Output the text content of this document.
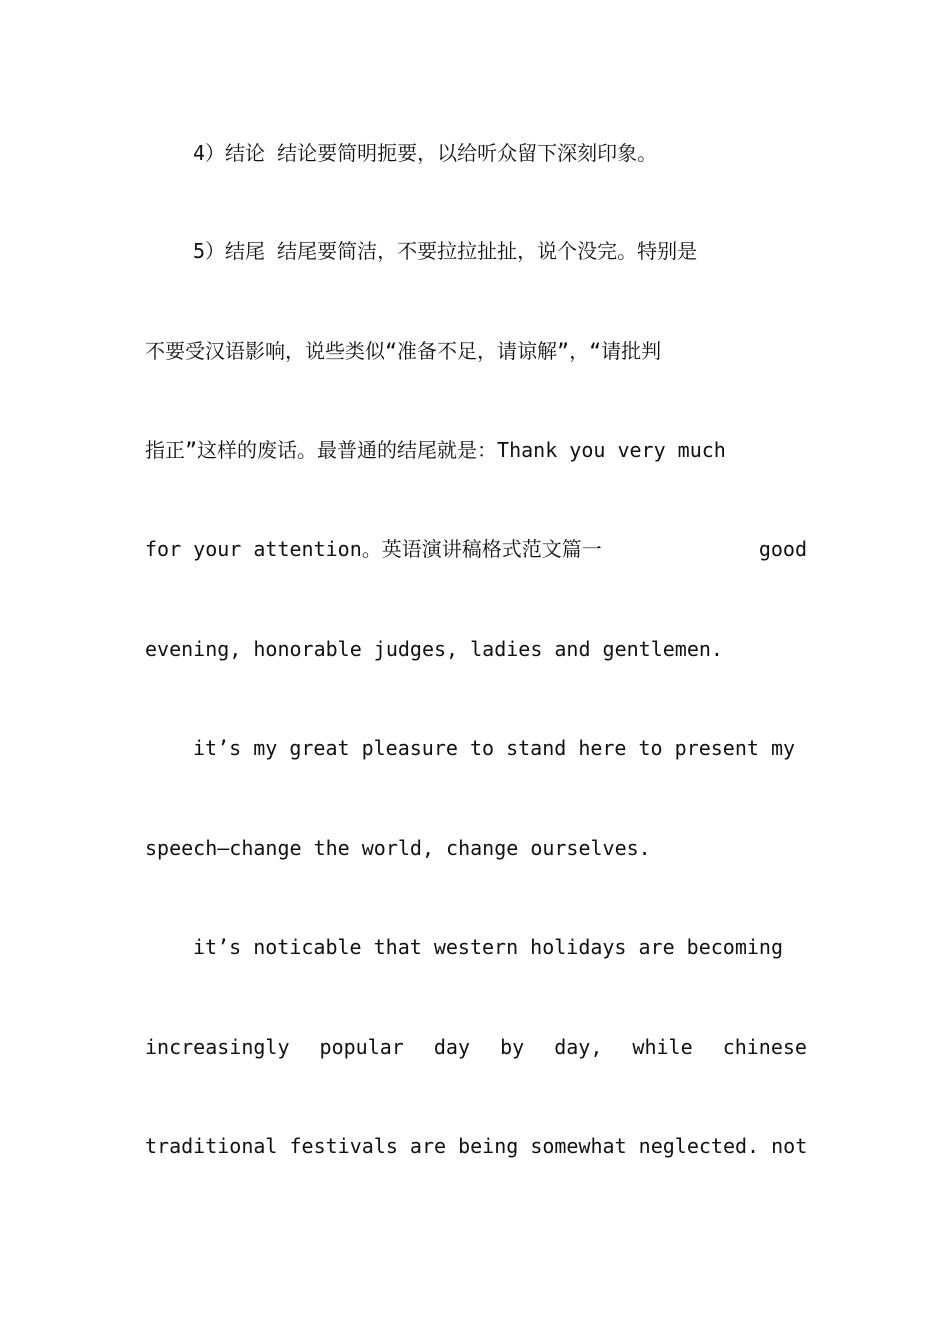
4）结论 结论要简明扼要，以给听众留下深刻印象。
5）结尾 结尾要简洁，不要拉拉扯扯，说个没完。特别是
不要受汉语影响，说些类似“准备不足，请谅解”，“请批判
指正”这样的废话。最普通的结尾就是：Thank you very much
for your attention。英语演讲稿格式范文篇一	good
evening, honorable judges, ladies and gentlemen.
it’s my great pleasure to stand here to present my
speech—change the world, change ourselves.
it’s noticable that western holidays are becoming
increasingly popular day by day, while chinese
traditional festivals are being somewhat neglected. not
